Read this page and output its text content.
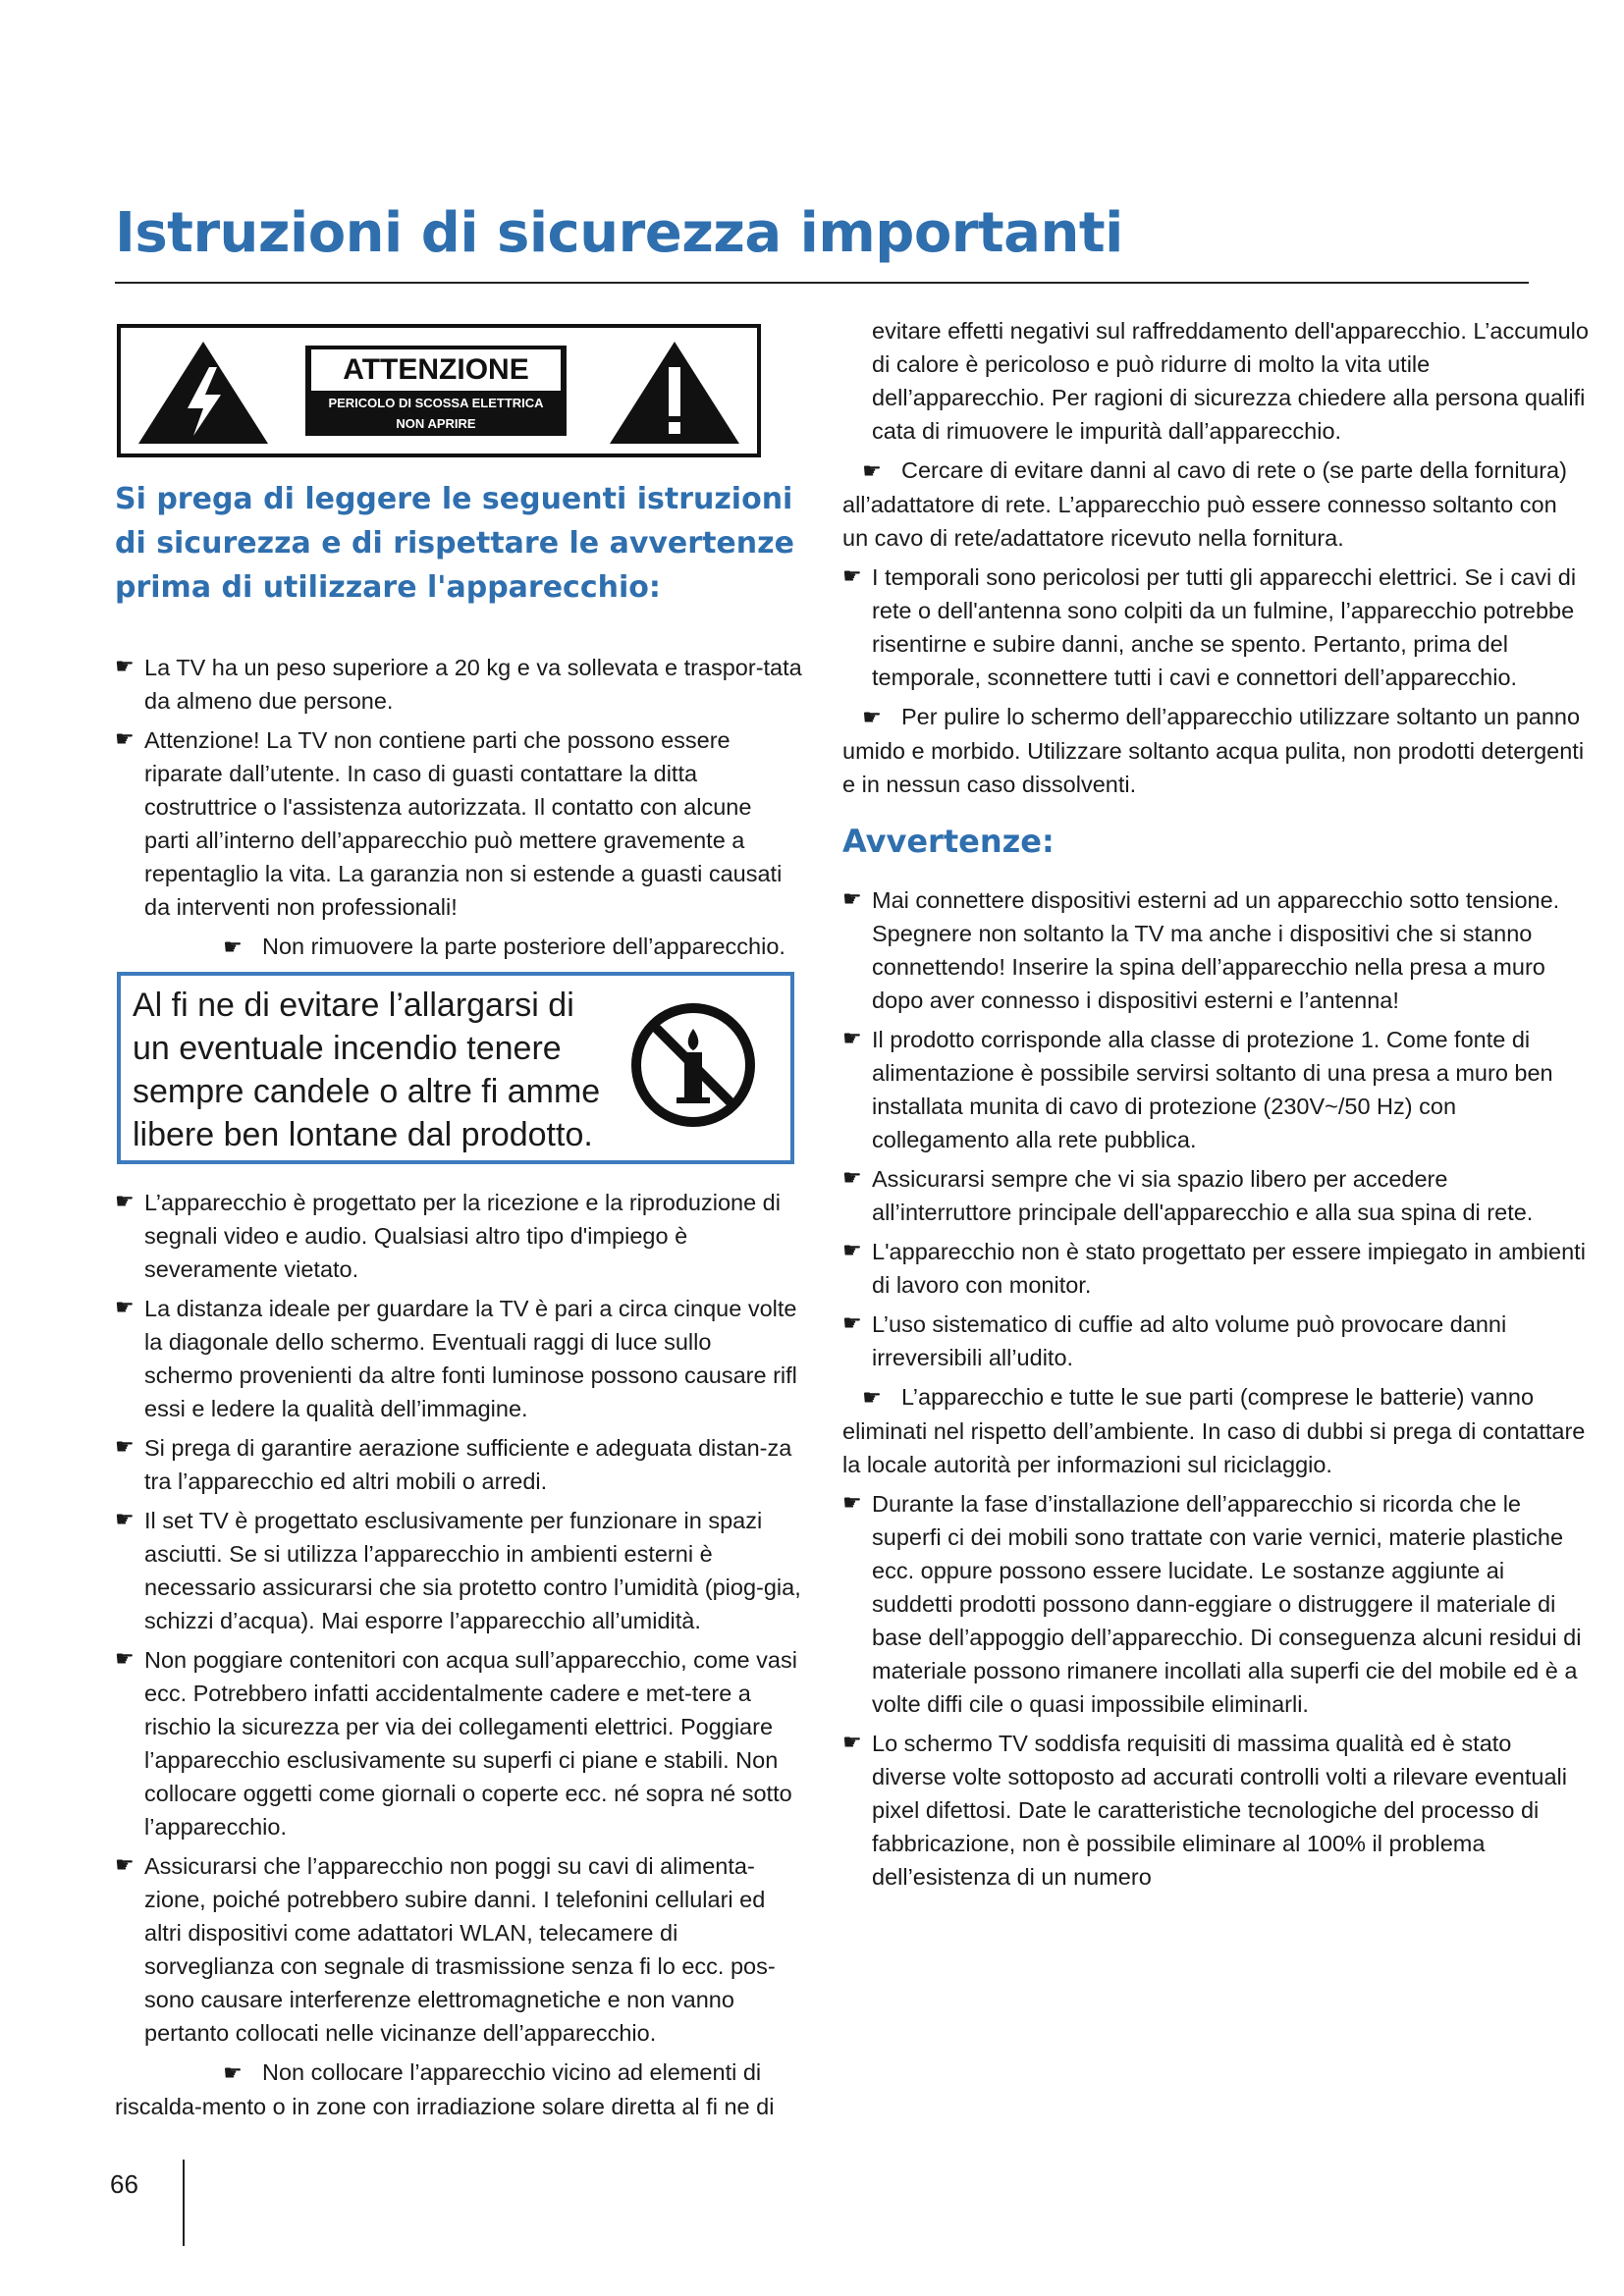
Istruzioni di sicurezza importanti
ATTENZIONE
PERICOLO DI SCOSSA ELETTRICA
NON APRIRE
Si prega di leggere le seguenti istruzioni
di sicurezza e di rispettare le avvertenze
prima di utilizzare l'apparecchio:

☛ La TV ha un peso superiore a 20 kg e va sollevata e traspor-tata da almeno due persone.

☛ Attenzione! La TV non contiene parti che possono essere riparate dall’utente. In caso di guasti contattare la ditta costruttrice o l'assistenza autorizzata. Il contatto con alcune parti all’interno dell’apparecchio può mettere gravemente a repentaglio la vita. La garanzia non si estende a guasti causati da interventi non professionali!

☛ Non rimuovere la parte posteriore dell’apparecchio.

Al fi ne di evitare l’allargarsi di
un eventuale incendio tenere
sempre candele o altre fi amme
libere ben lontane dal prodotto.

☛ L’apparecchio è progettato per la ricezione e la riproduzione di segnali video e audio. Qualsiasi altro tipo d'impiego è severamente vietato.

☛ La distanza ideale per guardare la TV è pari a circa cinque volte la diagonale dello schermo. Eventuali raggi di luce sullo schermo provenienti da altre fonti luminose possono causare rifl essi e ledere la qualità dell’immagine.

☛ Si prega di garantire aerazione sufficiente e adeguata distan-za tra l’apparecchio ed altri mobili o arredi.

☛ Il set TV è progettato esclusivamente per funzionare in spazi asciutti. Se si utilizza l’apparecchio in ambienti esterni è necessario assicurarsi che sia protetto contro l’umidità (piog-gia, schizzi d’acqua). Mai esporre l’apparecchio all’umidità.

☛ Non poggiare contenitori con acqua sull’apparecchio, come vasi ecc. Potrebbero infatti accidentalmente cadere e met-tere a rischio la sicurezza per via dei collegamenti elettrici. Poggiare l’apparecchio esclusivamente su superfi ci piane e stabili. Non collocare oggetti come giornali o coperte ecc. né sopra né sotto l’apparecchio.

☛ Assicurarsi che l’apparecchio non poggi su cavi di alimenta-zione, poiché potrebbero subire danni. I telefonini cellulari ed altri dispositivi come adattatori WLAN, telecamere di sorveglianza con segnale di trasmissione senza fi lo ecc. pos-sono causare interferenze elettromagnetiche e non vanno pertanto collocati nelle vicinanze dell’apparecchio.

☛ Non collocare l’apparecchio vicino ad elementi di riscalda-mento o in zone con irradiazione solare diretta al fi ne di

evitare effetti negativi sul raffreddamento dell'apparecchio. L’accumulo di calore è pericoloso e può ridurre di molto la vita utile dell’apparecchio. Per ragioni di sicurezza chiedere alla persona qualifi cata di rimuovere le impurità dall’apparecchio.

☛ Cercare di evitare danni al cavo di rete o (se parte della fornitura) all’adattatore di rete. L’apparecchio può essere connesso soltanto con un cavo di rete/adattatore ricevuto nella fornitura.

☛ I temporali sono pericolosi per tutti gli apparecchi elettrici. Se i cavi di rete o dell'antenna sono colpiti da un fulmine, l’apparecchio potrebbe risentirne e subire danni, anche se spento. Pertanto, prima del temporale, sconnettere tutti i cavi e connettori dell’apparecchio.

☛ Per pulire lo schermo dell’apparecchio utilizzare soltanto un panno umido e morbido. Utilizzare soltanto acqua pulita, non prodotti detergenti e in nessun caso dissolventi.

Avvertenze:

☛ Mai connettere dispositivi esterni ad un apparecchio sotto tensione. Spegnere non soltanto la TV ma anche i dispositivi che si stanno connettendo! Inserire la spina dell’apparecchio nella presa a muro dopo aver connesso i dispositivi esterni e l’antenna!

☛ Il prodotto corrisponde alla classe di protezione 1. Come fonte di alimentazione è possibile servirsi soltanto di una presa a muro ben installata munita di cavo di protezione (230V~/50 Hz) con collegamento alla rete pubblica.

☛ Assicurarsi sempre che vi sia spazio libero per accedere all’interruttore principale dell'apparecchio e alla sua spina di rete.

☛ L'apparecchio non è stato progettato per essere impiegato in ambienti di lavoro con monitor.

☛ L’uso sistematico di cuffie ad alto volume può provocare danni irreversibili all’udito.

☛ L’apparecchio e tutte le sue parti (comprese le batterie) vanno eliminati nel rispetto dell’ambiente. In caso di dubbi si prega di contattare la locale autorità per informazioni sul riciclaggio.

☛ Durante la fase d’installazione dell’apparecchio si ricorda che le superfi ci dei mobili sono trattate con varie vernici, materie plastiche ecc. oppure possono essere lucidate. Le sostanze aggiunte ai suddetti prodotti possono dann-eggiare o distruggere il materiale di base dell’appoggio dell’apparecchio. Di conseguenza alcuni residui di materiale possono rimanere incollati alla superfi cie del mobile ed è a volte diffi cile o quasi impossibile eliminarli.

☛ Lo schermo TV soddisfa requisiti di massima qualità ed è stato diverse volte sottoposto ad accurati controlli volti a rilevare eventuali pixel difettosi. Date le caratteristiche tecnologiche del processo di fabbricazione, non è possibile eliminare al 100% il problema dell’esistenza di un numero

66
